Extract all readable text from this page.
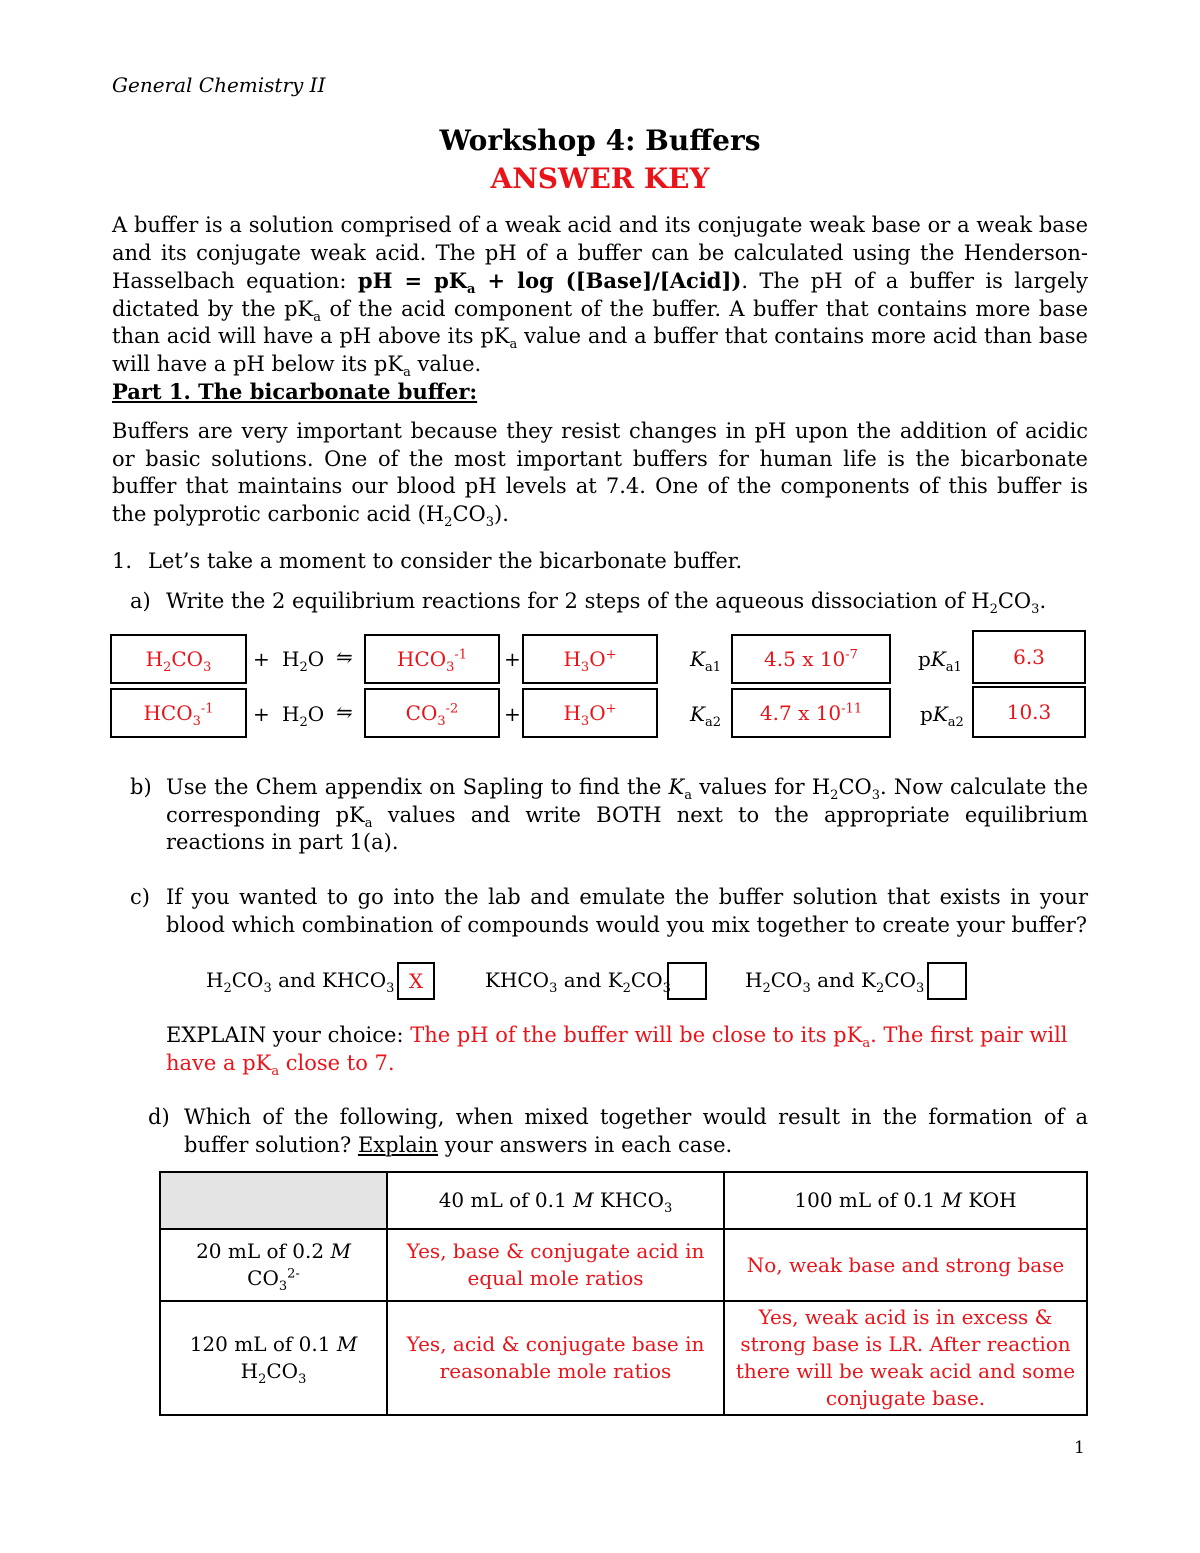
General Chemistry II
Workshop 4: Buffers
ANSWER KEY
A buffer is a solution comprised of a weak acid and its conjugate weak base or a weak base and its conjugate weak acid. The pH of a buffer can be calculated using the Henderson-Hasselbach equation: pH = $pK_a + \log$ ([Base]/[Acid]). The pH of a buffer is largely dictated by the $pK_a$ of the acid component of the buffer. A buffer that contains more base than acid will have a pH above its $pK_a$ value and a buffer that contains more acid than base will have a pH below its $pK_a$ value.
Part 1. The bicarbonate buffer:
Buffers are very important because they resist changes in pH upon the addition of acidic or basic solutions. One of the most important buffers for human life is the bicarbonate buffer that maintains our blood pH levels at 7.4. One of the components of this buffer is the polyprotic carbonic acid $(H_2CO_3)$.
1. Let’s take a moment to consider the bicarbonate buffer.
a) Write the 2 equilibrium reactions for 2 steps of the aqueous dissociation of $H_2CO_3$.
$H_2CO_3 + H_2O$ ⇋ $HCO_3^{-1} + H_3O^+$	$K_{a1}$ 4.5 x $10^{-7}$	$pK_{a1}$	6.3
$HCO_3^{-1} + H_2O$ ⇋	$CO_3^{-2} + H_3O^+$	$K_{a2}$ 4.7 x $10^{-11}$	$pK_{a2}$ 10.3
b) Use the Chem appendix on Sapling to find the $K_a$ values for $H_2CO_3$. Now calculate the corresponding $pK_a$ values and write BOTH next to the appropriate equilibrium reactions in part 1(a).
c) If you wanted to go into the lab and emulate the buffer solution that exists in your blood which combination of compounds would you mix together to create your buffer?
$H_2CO_3$ and $KHCO_3$ X	$KHCO_3$ and $K_2CO_3$	$H_2CO_3$ and $K_2CO_3$
EXPLAIN your choice: The pH of the buffer will be close to its $pK_a$. The first pair will have a $pK_a$ close to 7.
d) Which of the following, when mixed together would result in the formation of a buffer solution? Explain your answers in each case.
	40 mL of 0.1 M $KHCO_3$	100 mL of 0.1 M KOH
20 mL of 0.2 M $CO_3^{2-}$	Yes, base & conjugate acid in equal mole ratios	No, weak base and strong base
120 mL of 0.1 M
$H_2CO_3$	Yes, acid & conjugate base in reasonable mole ratios	Yes, weak acid is in excess & strong base is LR. After reaction there will be weak acid and some conjugate base.
1
